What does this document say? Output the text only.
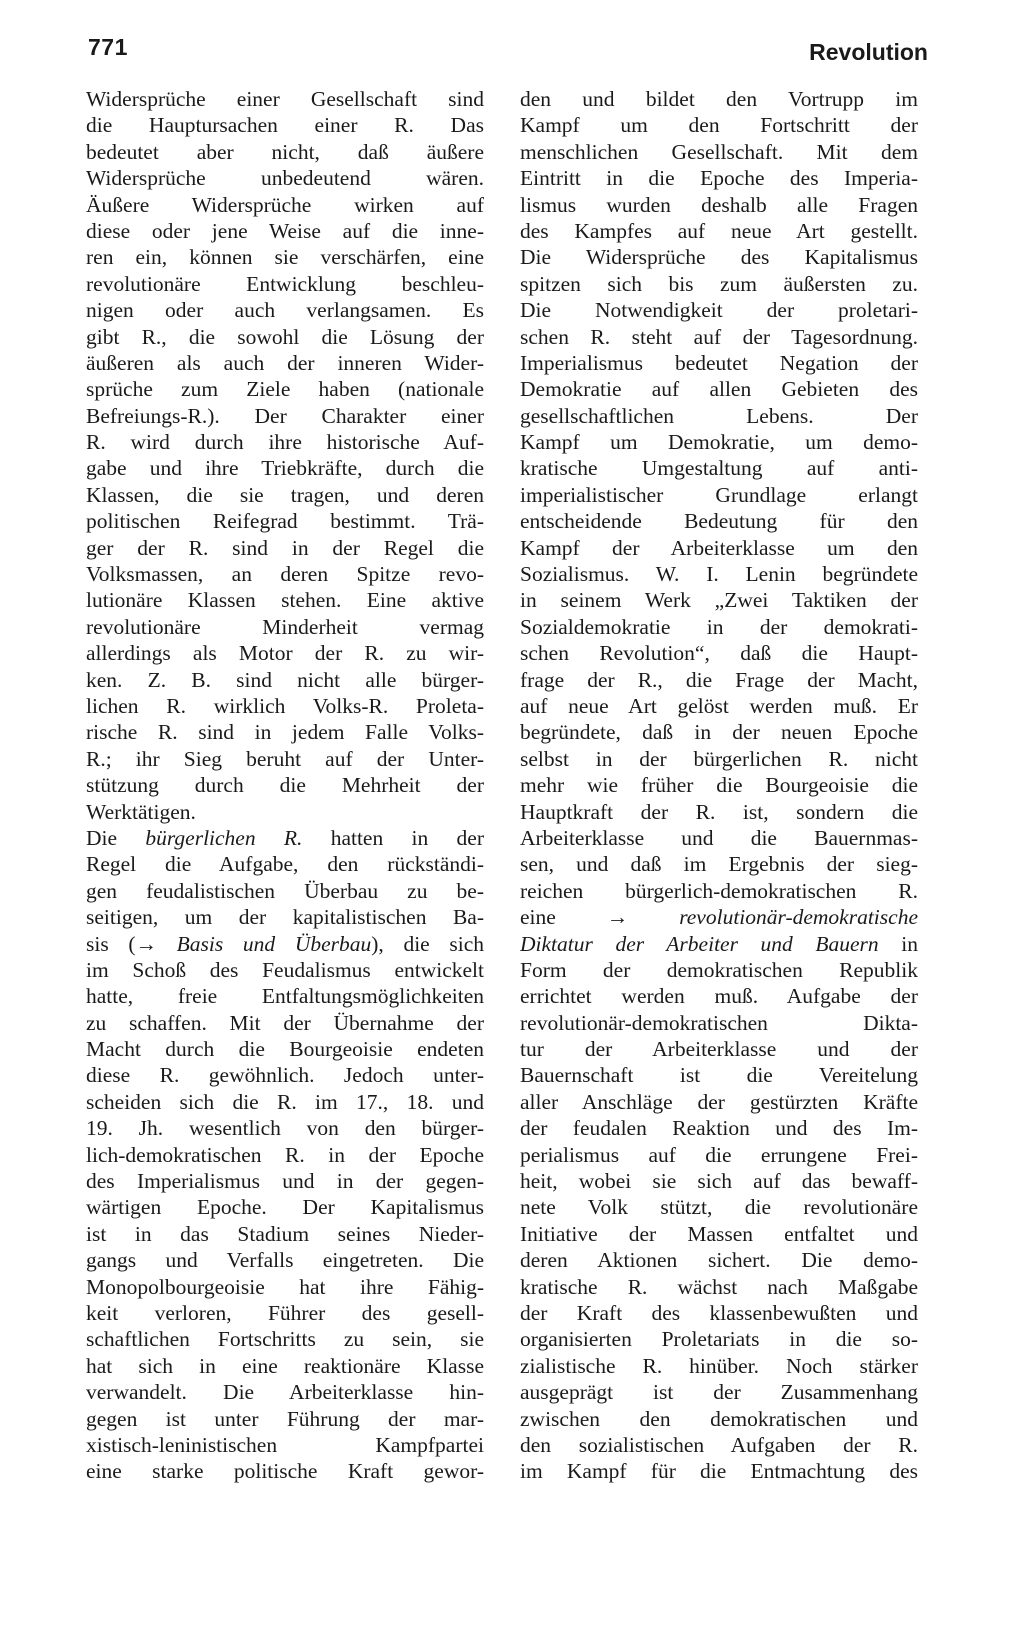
771	Revolution
Widersprüche einer Gesellschaft sind
die Hauptursachen einer R. Das
bedeutet aber nicht, daß äußere
Widersprüche unbedeutend wären.
Äußere Widersprüche wirken auf
diese oder jene Weise auf die inne-
ren ein, können sie verschärfen, eine
revolutionäre Entwicklung beschleu-
nigen oder auch verlangsamen. Es
gibt R., die sowohl die Lösung der
äußeren als auch der inneren Wider-
sprüche zum Ziele haben (nationale
Befreiungs-R.). Der Charakter einer
R. wird durch ihre historische Auf-
gabe und ihre Triebkräfte, durch die
Klassen, die sie tragen, und deren
politischen Reifegrad bestimmt. Trä-
ger der R. sind in der Regel die
Volksmassen, an deren Spitze revo-
lutionäre Klassen stehen. Eine aktive
revolutionäre Minderheit vermag
allerdings als Motor der R. zu wir-
ken. Z. B. sind nicht alle bürger-
lichen R. wirklich Volks-R. Proleta-
rische R. sind in jedem Falle Volks-
R.; ihr Sieg beruht auf der Unter-
stützung durch die Mehrheit der
Werktätigen.
Die bürgerlichen R. hatten in der
Regel die Aufgabe, den rückständi-
gen feudalistischen Überbau zu be-
seitigen, um der kapitalistischen Ba-
sis (→ Basis und Überbau), die sich
im Schoß des Feudalismus entwickelt
hatte, freie Entfaltungsmöglichkeiten
zu schaffen. Mit der Übernahme der
Macht durch die Bourgeoisie endeten
diese R. gewöhnlich. Jedoch unter-
scheiden sich die R. im 17., 18. und
19. Jh. wesentlich von den bürger-
lich-demokratischen R. in der Epoche
des Imperialismus und in der gegen-
wärtigen Epoche. Der Kapitalismus
ist in das Stadium seines Nieder-
gangs und Verfalls eingetreten. Die
Monopolbourgeoisie hat ihre Fähig-
keit verloren, Führer des gesell-
schaftlichen Fortschritts zu sein, sie
hat sich in eine reaktionäre Klasse
verwandelt. Die Arbeiterklasse hin-
gegen ist unter Führung der mar-
xistisch-leninistischen Kampfpartei
eine starke politische Kraft gewor-
den und bildet den Vortrupp im
Kampf um den Fortschritt der
menschlichen Gesellschaft. Mit dem
Eintritt in die Epoche des Imperia-
lismus wurden deshalb alle Fragen
des Kampfes auf neue Art gestellt.
Die Widersprüche des Kapitalismus
spitzen sich bis zum äußersten zu.
Die Notwendigkeit der proletari-
schen R. steht auf der Tagesordnung.
Imperialismus bedeutet Negation der
Demokratie auf allen Gebieten des
gesellschaftlichen Lebens. Der
Kampf um Demokratie, um demo-
kratische Umgestaltung auf anti-
imperialistischer Grundlage erlangt
entscheidende Bedeutung für den
Kampf der Arbeiterklasse um den
Sozialismus. W. I. Lenin begründete
in seinem Werk „Zwei Taktiken der
Sozialdemokratie in der demokrati-
schen Revolution“, daß die Haupt-
frage der R., die Frage der Macht,
auf neue Art gelöst werden muß. Er
begründete, daß in der neuen Epoche
selbst in der bürgerlichen R. nicht
mehr wie früher die Bourgeoisie die
Hauptkraft der R. ist, sondern die
Arbeiterklasse und die Bauernmas-
sen, und daß im Ergebnis der sieg-
reichen bürgerlich-demokratischen R.
eine → revolutionär-demokratische
Diktatur der Arbeiter und Bauern in
Form der demokratischen Republik
errichtet werden muß. Aufgabe der
revolutionär-demokratischen Dikta-
tur der Arbeiterklasse und der
Bauernschaft ist die Vereitelung
aller Anschläge der gestürzten Kräfte
der feudalen Reaktion und des Im-
perialismus auf die errungene Frei-
heit, wobei sie sich auf das bewaff-
nete Volk stützt, die revolutionäre
Initiative der Massen entfaltet und
deren Aktionen sichert. Die demo-
kratische R. wächst nach Maßgabe
der Kraft des klassenbewußten und
organisierten Proletariats in die so-
zialistische R. hinüber. Noch stärker
ausgeprägt ist der Zusammenhang
zwischen den demokratischen und
den sozialistischen Aufgaben der R.
im Kampf für die Entmachtung des
